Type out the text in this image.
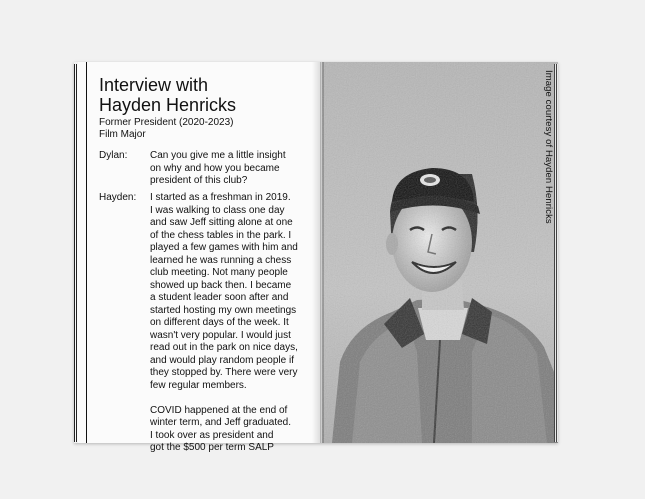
Interview with
Hayden Henricks
Former President (2020-2023)
Film Major
Dylan: Can you give me a little insight
on why and how you became
president of this club?
Hayden: I started as a freshman in 2019.
I was walking to class one day
and saw Jeff sitting alone at one
of the chess tables in the park. I
played a few games with him and
learned he was running a chess
club meeting. Not many people
showed up back then. I became
a student leader soon after and
started hosting my own meetings
on different days of the week. It
wasn't very popular. I would just
read out in the park on nice days,
and would play random people if
they stopped by. There were very
few regular members.

COVID happened at the end of
winter term, and Jeff graduated.
I took over as president and
got the $500 per term SALP
Image courtesy of Hayden Henricks
